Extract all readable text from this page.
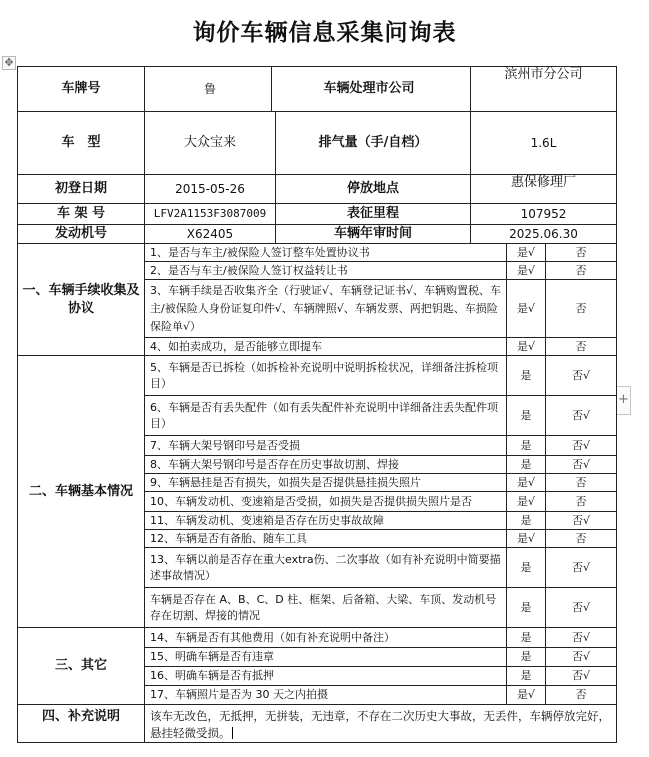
询价车辆信息采集问询表
✥
+
车牌号	鲁 车辆处理市公司	滨州市分公司		
车　型	大众宝来 排气量（手/自档）	1.6L		
初登日期	2015-05-26 停放地点	惠保修理厂		
车 架 号	LFV2A1153F3087009 表征里程	107952		
发动机号	X62405 车辆年审时间	2025.06.30		
一、车辆手续收集及协议	1、是否与车主/被保险人签订整车处置协议书		是√	否
	2、是否与车主/被保险人签订权益转让书		是√	否
	3、车辆手续是否收集齐全（行驶证√、车辆登记证书√、车辆购置税、车主/被保险人身份证复印件√、车辆牌照√、车辆发票、两把钥匙、车损险保险单√）		是√	否
	4、如拍卖成功，是否能够立即提车		是√	否
二、车辆基本情况	5、车辆是否已拆检（如拆检补充说明中说明拆检状况，详细备注拆检项目）		是	否√
	6、车辆是否有丢失配件（如有丢失配件补充说明中详细备注丢失配件项目）		是	否√
	7、车辆大架号钢印号是否受损		是	否√
	8、车辆大架号钢印号是否存在历史事故切割、焊接		是	否√
	9、车辆悬挂是否有损失，如损失是否提供悬挂损失照片		是√	否
	10、车辆发动机、变速箱是否受损，如损失是否提供损失照片是否		是√	否
	11、车辆发动机、变速箱是否存在历史事故故障		是	否√
	12、车辆是否有备胎、随车工具		是√	否
	13、车辆以前是否存在重大extra伤、二次事故（如有补充说明中简要描述事故情况）		是	否√
	车辆是否存在 A、B、C、D 柱、框架、后备箱、大梁、车顶、发动机号存在切割、焊接的情况		是	否√
三、其它	14、车辆是否有其他费用（如有补充说明中备注）		是	否√
	15、明确车辆是否有违章		是	否√
	16、明确车辆是否有抵押		是	否√
	17、车辆照片是否为 30 天之内拍摄		是√	否
四、补充说明	该车无改色，无抵押，无拼装，无违章，不存在二次历史大事故，无丢件，车辆停放完好，悬挂轻微受损。			
